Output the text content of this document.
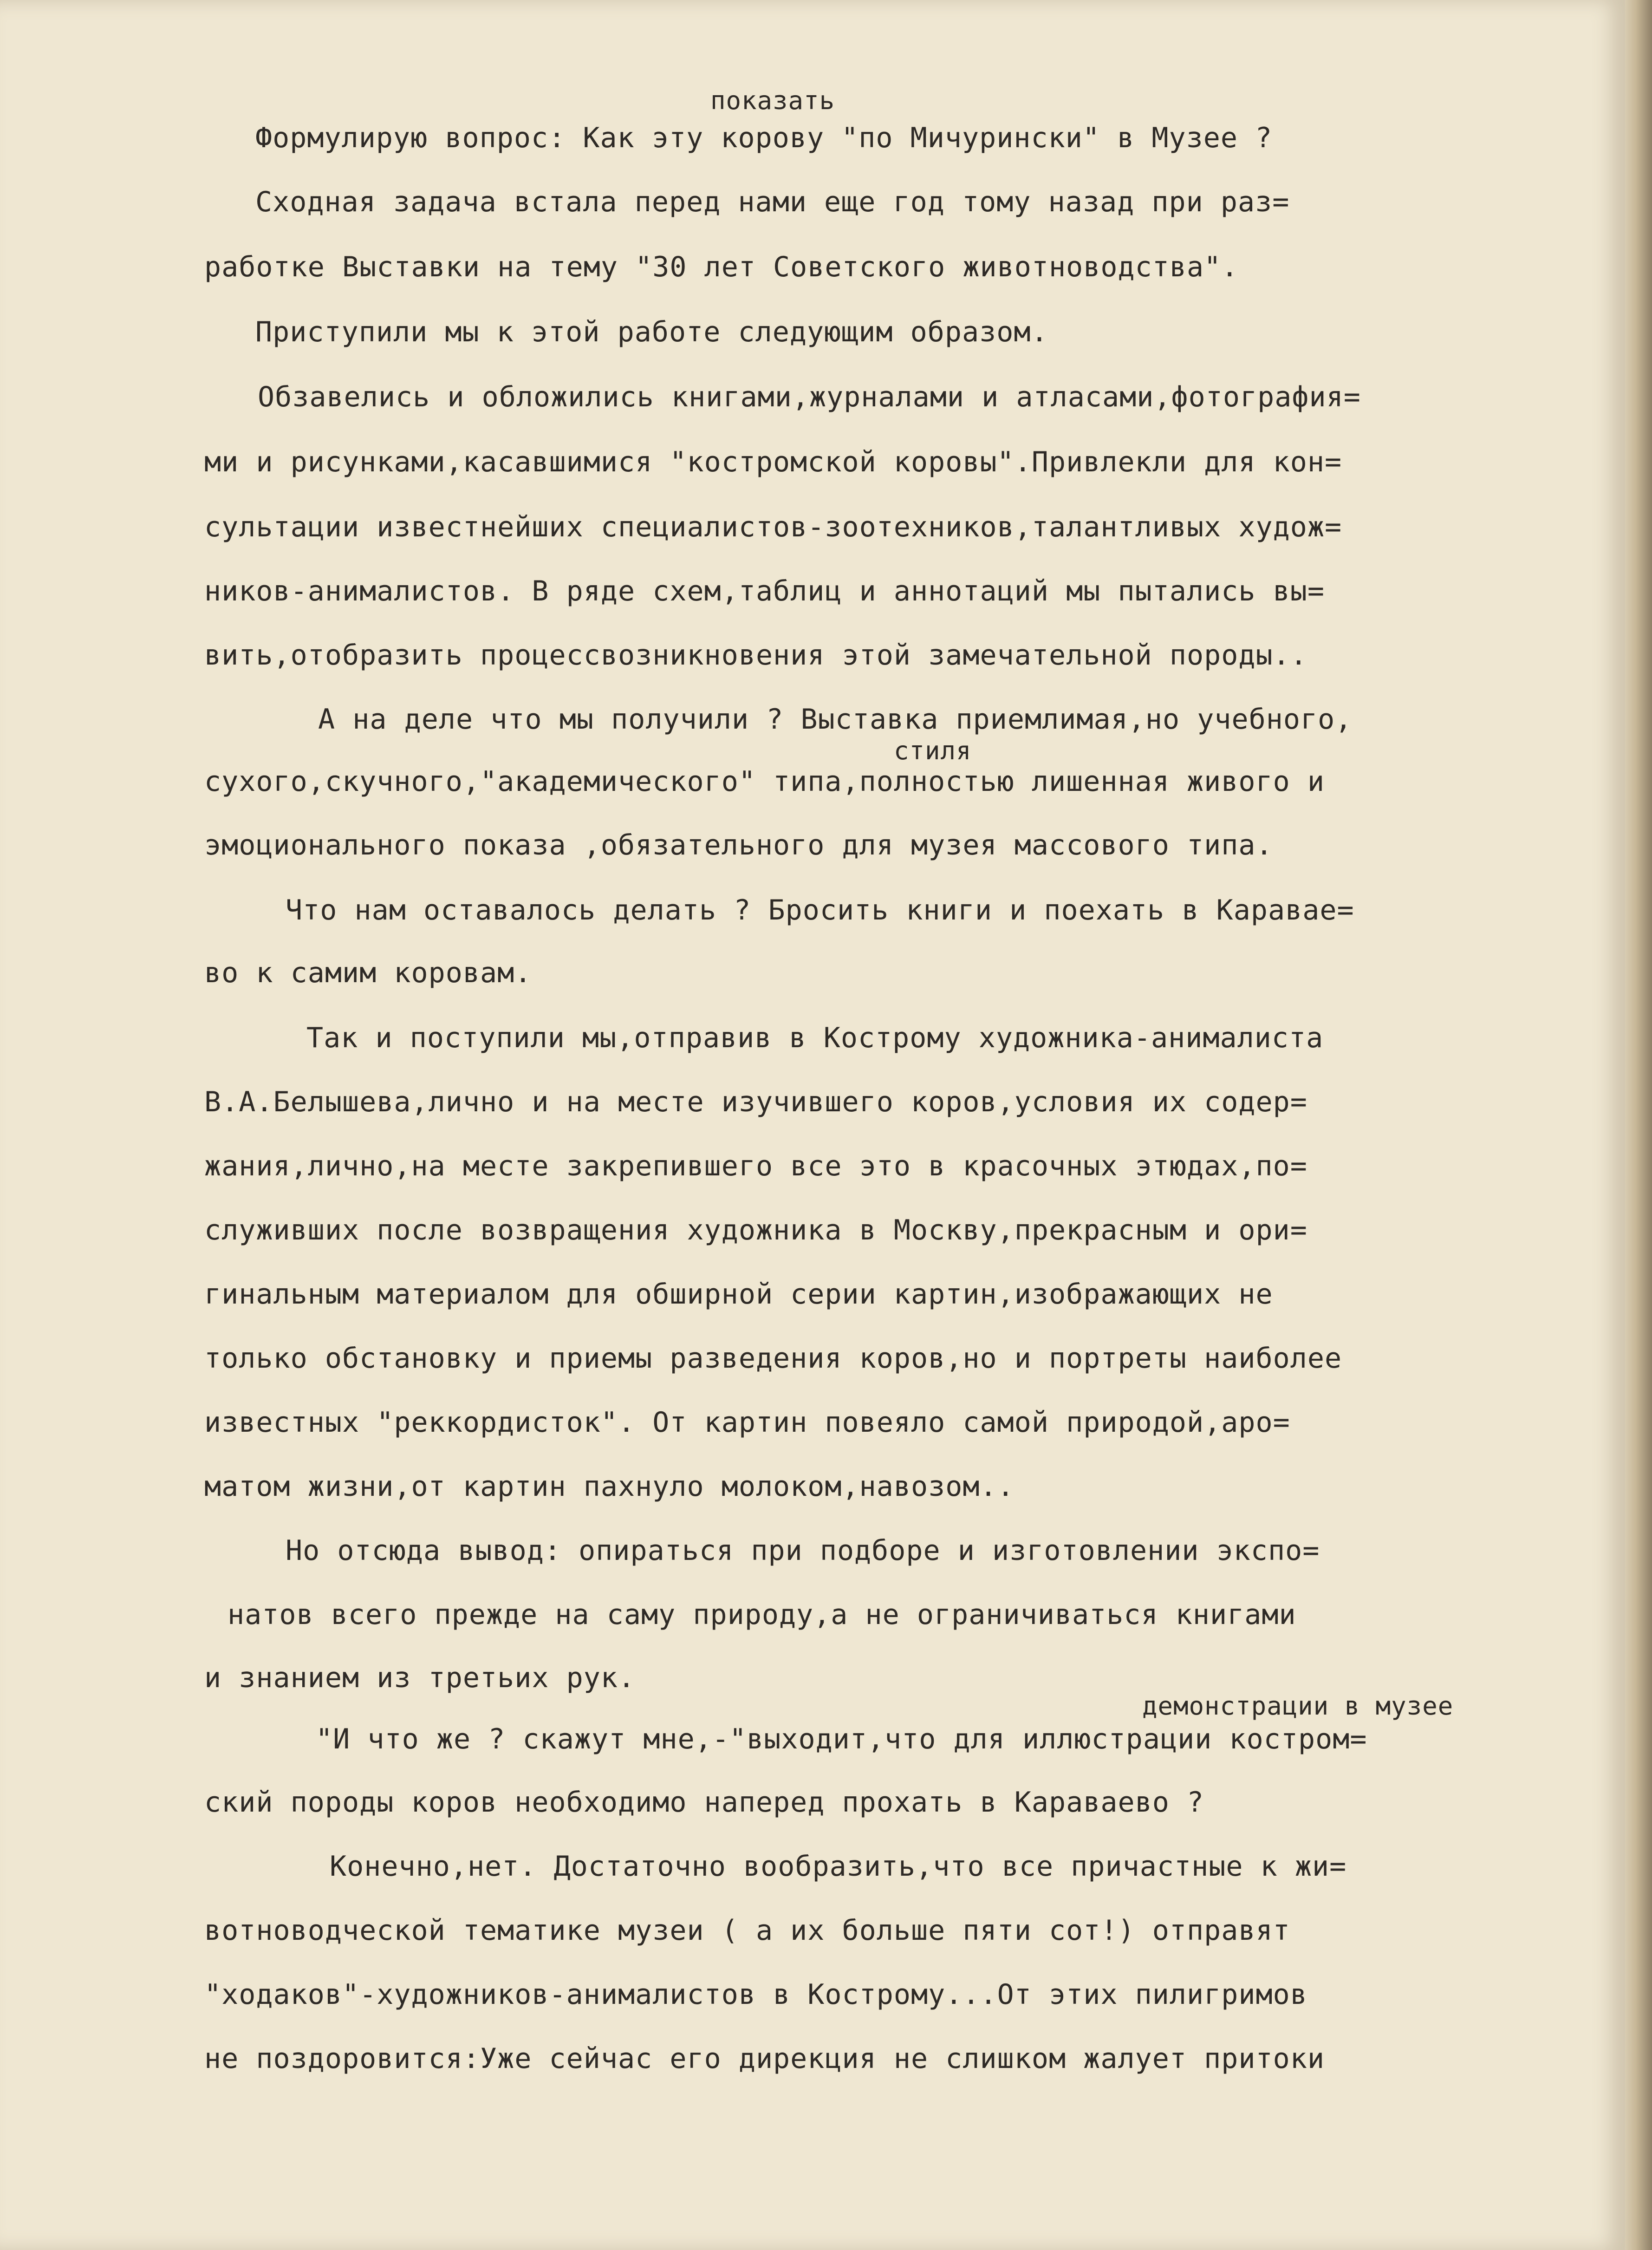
показать
Формулирую вопрос: Как эту корову "по Мичурински" в Музее ?
Сходная задача встала перед нами еще год тому назад при раз=
работке Выставки на тему "30 лет Советского животноводства".
Приступили мы к этой работе следующим образом.
Обзавелись и обложились книгами,журналами и атласами,фотография=
ми и рисунками,касавшимися "костромской коровы".Привлекли для кон=
сультации известнейших специалистов-зоотехников,талантливых худож=
ников-анималистов. В ряде схем,таблиц и аннотаций мы пытались вы=
вить,отобразить процессвозникновения этой замечательной породы..
А на деле что мы получили ? Выставка приемлимая,но учебного,
стиля
сухого,скучного,"академического" типа,полностью лишенная живого и
эмоционального показа ,обязательного для музея массового типа.
Что нам оставалось делать ? Бросить книги и поехать в Караваe=
во к самим коровам.
Так и поступили мы,отправив в Кострому художника-анималиста
В.А.Белышева,лично и на месте изучившего коров,условия их содер=
жания,лично,на месте закрепившего все это в красочных этюдах,по=
служивших после возвращения художника в Москву,прекрасным и ори=
гинальным материалом для обширной серии картин,изображающих не
только обстановку и приемы разведения коров,но и портреты наиболее
известных "реккордисток". От картин повеяло самой природой,аро=
матом жизни,от картин пахнуло молоком,навозом..
Но отсюда вывод: опираться при подборе и изготовлении экспо=
натов всего прежде на саму природу,а не ограничиваться книгами
и знанием из третьих рук.
демонстрации в музее
"И что же ? скажут мне,-"выходит,что для иллюстрации костром=
ский породы коров необходимо наперед прохать в Караваево ?
Конечно,нет. Достаточно вообразить,что все причастные к жи=
вотноводческой тематике музеи ( а их больше пяти сот!) отправят
"ходаков"-художников-анималистов в Кострому...От этих пилигримов
не поздоровится:Уже сейчас его дирекция не слишком жалует притоки
